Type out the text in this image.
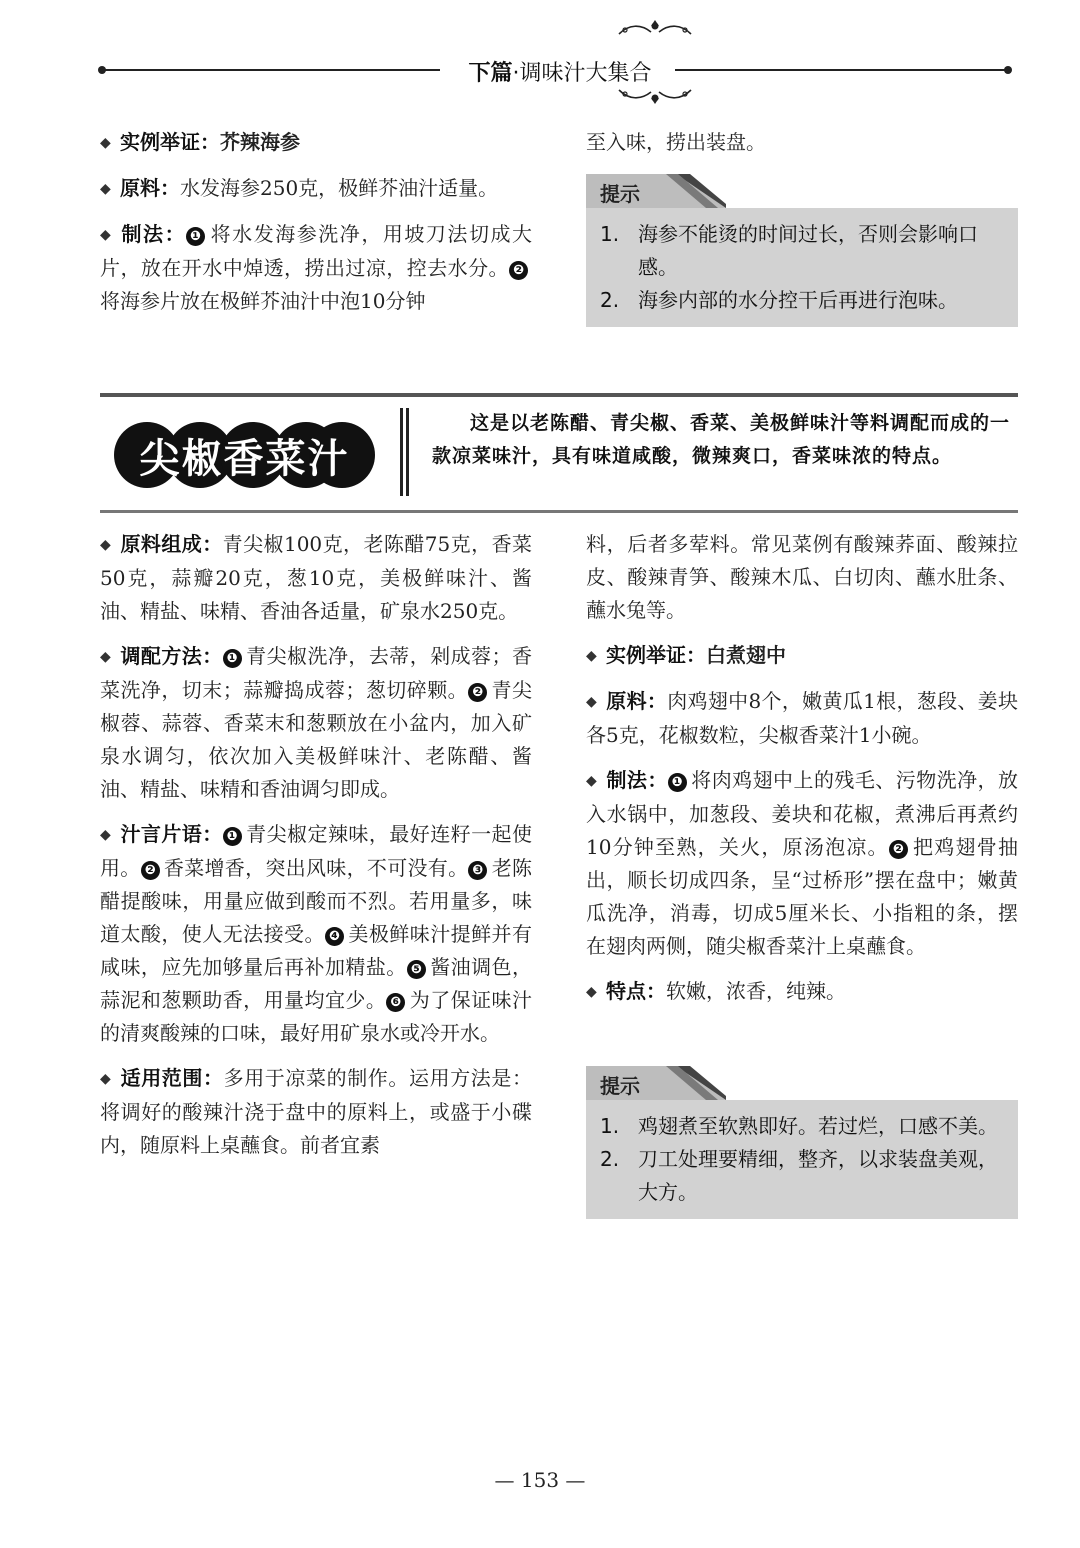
下篇·调味汁大集合

◆ 实例举证：芥辣海参

◆ 原料：水发海参250克，极鲜芥油汁适量。

◆ 制法： ❶ 将水发海参洗净，用坡刀法切成大片，放在开水中焯透，捞出过凉，控去水分。 ❷将海参片放在极鲜芥油汁中泡10分钟

至入味，捞出装盘。

提示
1. 海参不能烫的时间过长，否则会影响口感。
2. 海参内部的水分控干后再进行泡味。
尖椒香菜汁
这是以老陈醋、青尖椒、香菜、美极鲜味汁等料调配而成的一款凉菜味汁，具有味道咸酸，微辣爽口，香菜味浓的特点。

◆ 原料组成：青尖椒100克，老陈醋75克，香菜50克，蒜瓣20克，葱10克，美极鲜味汁、酱油、精盐、味精、香油各适量，矿泉水250克。

◆ 调配方法： ❶ 青尖椒洗净，去蒂，剁成蓉；香菜洗净，切末；蒜瓣捣成蓉；葱切碎颗。 ❷ 青尖椒蓉、蒜蓉、香菜末和葱颗放在小盆内，加入矿泉水调匀，依次加入美极鲜味汁、老陈醋、酱油、精盐、味精和香油调匀即成。

◆ 汁言片语： ❶ 青尖椒定辣味，最好连籽一起使用。 ❷ 香菜增香，突出风味，不可没有。 ❸ 老陈醋提酸味，用量应做到酸而不烈。若用量多，味道太酸，使人无法接受。 ❹ 美极鲜味汁提鲜并有咸味，应先加够量后再补加精盐。 ❺ 酱油调色，蒜泥和葱颗助香，用量均宜少。 ❻ 为了保证味汁的清爽酸辣的口味，最好用矿泉水或冷开水。

◆ 适用范围：多用于凉菜的制作。运用方法是：将调好的酸辣汁浇于盘中的原料上，或盛于小碟内，随原料上桌蘸食。前者宜素

料，后者多荤料。常见菜例有酸辣荞面、酸辣拉皮、酸辣青笋、酸辣木瓜、白切肉、蘸水肚条、蘸水兔等。

◆ 实例举证：白煮翅中

◆ 原料：肉鸡翅中8个，嫩黄瓜1根，葱段、姜块各5克，花椒数粒，尖椒香菜汁1小碗。

◆ 制法： ❶ 将肉鸡翅中上的残毛、污物洗净，放入水锅中，加葱段、姜块和花椒，煮沸后再煮约10分钟至熟，关火，原汤泡凉。 ❷ 把鸡翅骨抽出，顺长切成四条，呈“过桥形”摆在盘中；嫩黄瓜洗净，消毒，切成5厘米长、小指粗的条，摆在翅肉两侧，随尖椒香菜汁上桌蘸食。

◆ 特点：软嫩，浓香，纯辣。

提示
1. 鸡翅煮至软熟即好。若过烂，口感不美。
2. 刀工处理要精细，整齐，以求装盘美观，大方。
— 153 —
